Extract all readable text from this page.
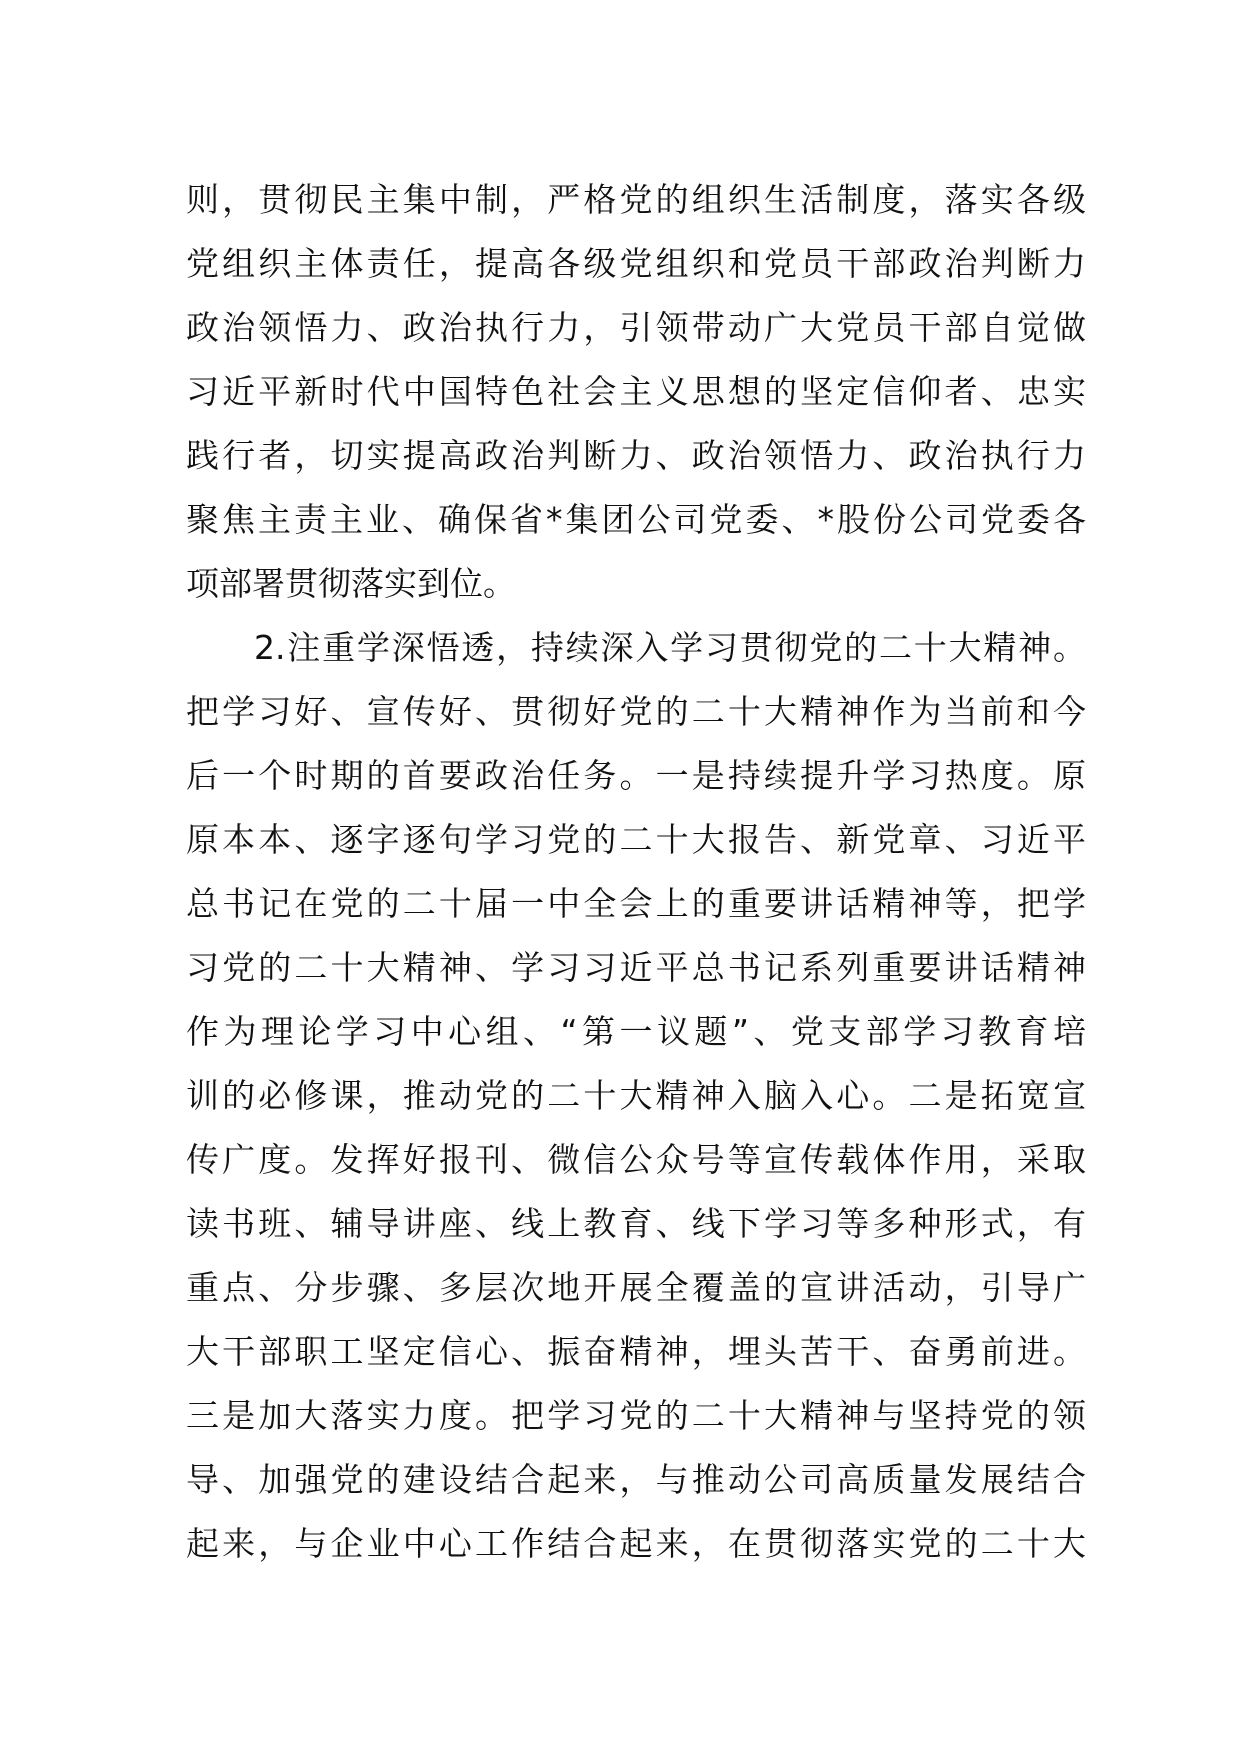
则，贯彻民主集中制，严格党的组织生活制度，落实各级
党组织主体责任，提高各级党组织和党员干部政治判断力
政治领悟力、政治执行力，引领带动广大党员干部自觉做
习近平新时代中国特色社会主义思想的坚定信仰者、忠实
践行者，切实提高政治判断力、政治领悟力、政治执行力
聚焦主责主业、确保省*集团公司党委、*股份公司党委各
项部署贯彻落实到位。
2.注重学深悟透，持续深入学习贯彻党的二十大精神。
把学习好、宣传好、贯彻好党的二十大精神作为当前和今
后一个时期的首要政治任务。一是持续提升学习热度。原
原本本、逐字逐句学习党的二十大报告、新党章、习近平
总书记在党的二十届一中全会上的重要讲话精神等，把学
习党的二十大精神、学习习近平总书记系列重要讲话精神
作为理论学习中心组、“第一议题”、党支部学习教育培
训的必修课，推动党的二十大精神入脑入心。二是拓宽宣
传广度。发挥好报刊、微信公众号等宣传载体作用，采取
读书班、辅导讲座、线上教育、线下学习等多种形式，有
重点、分步骤、多层次地开展全覆盖的宣讲活动，引导广
大干部职工坚定信心、振奋精神，埋头苦干、奋勇前进。
三是加大落实力度。把学习党的二十大精神与坚持党的领
导、加强党的建设结合起来，与推动公司高质量发展结合
起来，与企业中心工作结合起来，在贯彻落实党的二十大
